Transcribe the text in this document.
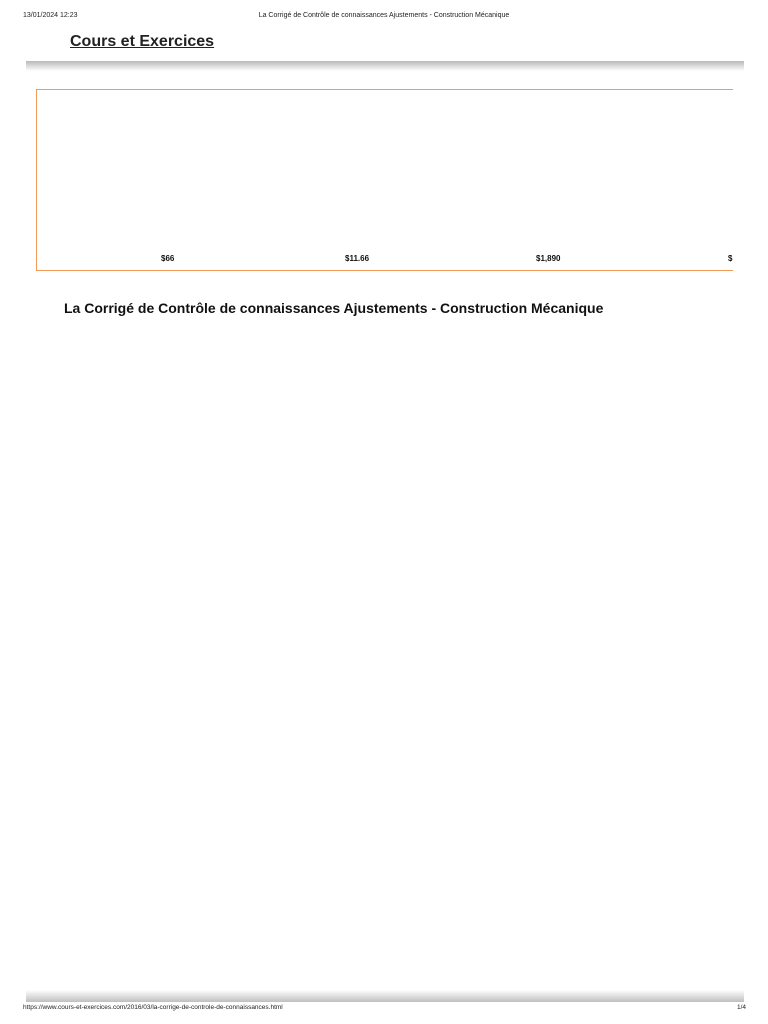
13/01/2024 12:23	La Corrigé de Contrôle de connaissances Ajustements - Construction Mécanique
Cours et Exercices
$66	$11.66	$1,890	$
La Corrigé de Contrôle de connaissances Ajustements - Construction Mécanique
https://www.cours-et-exercices.com/2016/03/la-corrige-de-controle-de-connaissances.html	1/4
